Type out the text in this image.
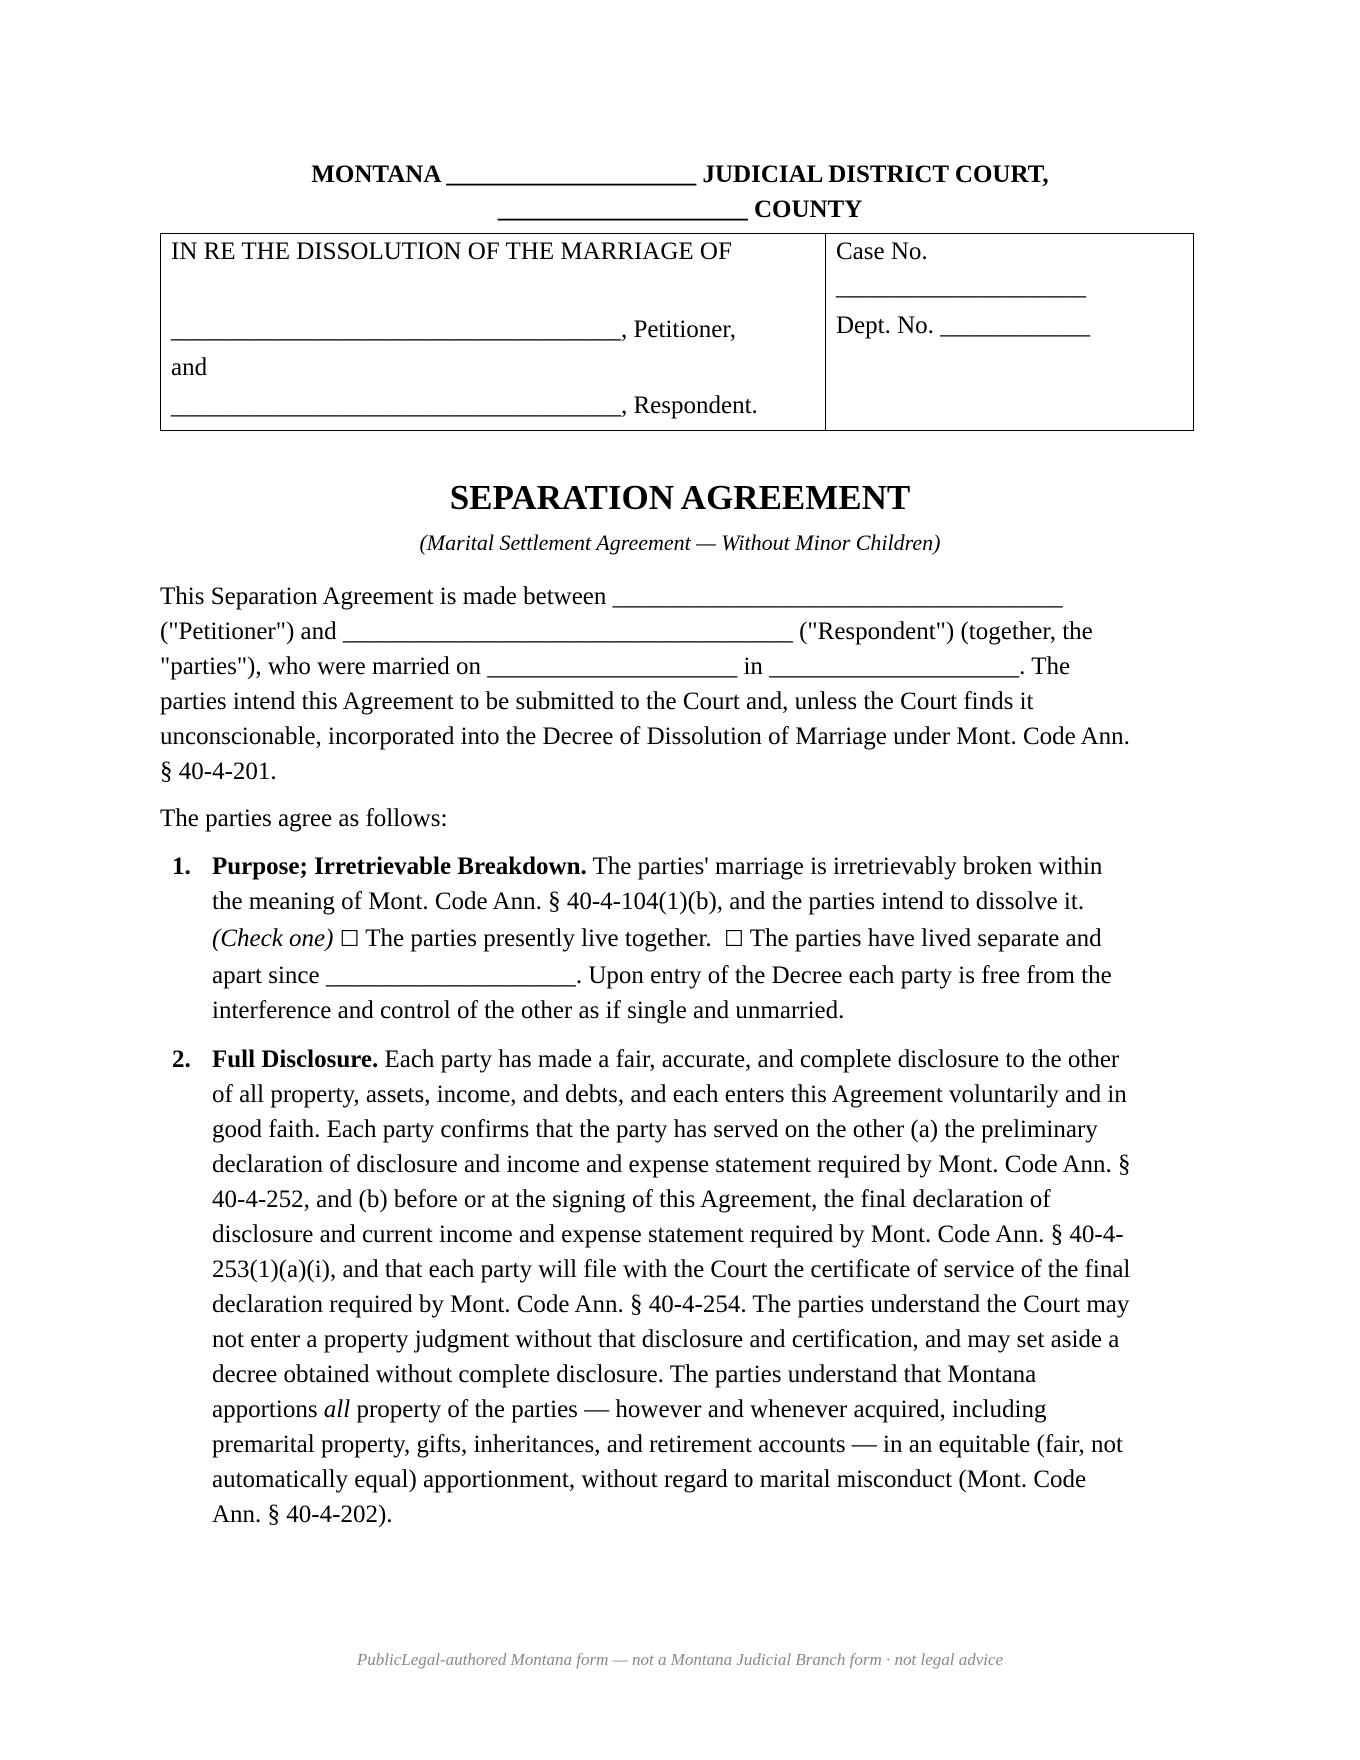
MONTANA ____________________ JUDICIAL DISTRICT COURT,
____________________ COUNTY
IN RE THE DISSOLUTION OF THE MARRIAGE OF
____________________________________, Petitioner,
and
____________________________________, Respondent.
Case No.
____________________
Dept. No. ____________
SEPARATION AGREEMENT
(Marital Settlement Agreement — Without Minor Children)
This Separation Agreement is made between ____________________________________
("Petitioner") and ____________________________________ ("Respondent") (together, the
"parties"), who were married on ____________________ in ____________________. The
parties intend this Agreement to be submitted to the Court and, unless the Court finds it
unconscionable, incorporated into the Decree of Dissolution of Marriage under Mont. Code Ann.
§ 40-4-201.
The parties agree as follows:
1. Purpose; Irretrievable Breakdown. The parties' marriage is irretrievably broken within
the meaning of Mont. Code Ann. § 40-4-104(1)(b), and the parties intend to dissolve it.
(Check one) ☐ The parties presently live together.  ☐ The parties have lived separate and
apart since ____________________. Upon entry of the Decree each party is free from the
interference and control of the other as if single and unmarried.
2. Full Disclosure. Each party has made a fair, accurate, and complete disclosure to the other
of all property, assets, income, and debts, and each enters this Agreement voluntarily and in
good faith. Each party confirms that the party has served on the other (a) the preliminary
declaration of disclosure and income and expense statement required by Mont. Code Ann. §
40-4-252, and (b) before or at the signing of this Agreement, the final declaration of
disclosure and current income and expense statement required by Mont. Code Ann. § 40-4-
253(1)(a)(i), and that each party will file with the Court the certificate of service of the final
declaration required by Mont. Code Ann. § 40-4-254. The parties understand the Court may
not enter a property judgment without that disclosure and certification, and may set aside a
decree obtained without complete disclosure. The parties understand that Montana
apportions all property of the parties — however and whenever acquired, including
premarital property, gifts, inheritances, and retirement accounts — in an equitable (fair, not
automatically equal) apportionment, without regard to marital misconduct (Mont. Code
Ann. § 40-4-202).
PublicLegal-authored Montana form — not a Montana Judicial Branch form · not legal advice
